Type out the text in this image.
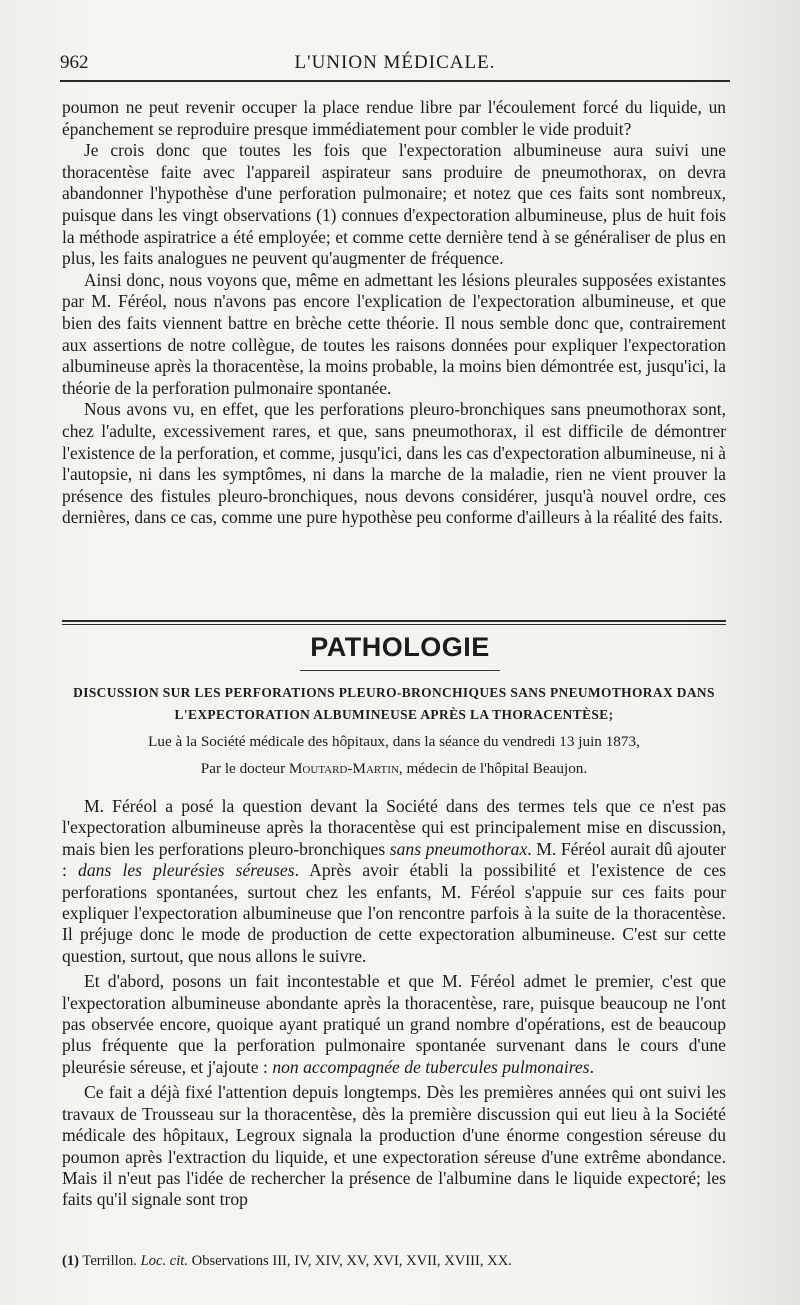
962	L'UNION MÉDICALE.

poumon ne peut revenir occuper la place rendue libre par l'écoulement forcé du liquide, un épanchement se reproduire presque immédiatement pour combler le vide produit?

Je crois donc que toutes les fois que l'expectoration albumineuse aura suivi une thoracentèse faite avec l'appareil aspirateur sans produire de pneumothorax, on devra abandonner l'hypothèse d'une perforation pulmonaire; et notez que ces faits sont nombreux, puisque dans les vingt observations (1) connues d'expectoration albumineuse, plus de huit fois la méthode aspiratrice a été employée; et comme cette dernière tend à se généraliser de plus en plus, les faits analogues ne peuvent qu'augmenter de fréquence.

Ainsi donc, nous voyons que, même en admettant les lésions pleurales supposées existantes par M. Féréol, nous n'avons pas encore l'explication de l'expectoration albumineuse, et que bien des faits viennent battre en brèche cette théorie. Il nous semble donc que, contrairement aux assertions de notre collègue, de toutes les raisons données pour expliquer l'expectoration albumineuse après la thoracentèse, la moins probable, la moins bien démontrée est, jusqu'ici, la théorie de la perforation pulmonaire spontanée.

Nous avons vu, en effet, que les perforations pleuro-bronchiques sans pneumothorax sont, chez l'adulte, excessivement rares, et que, sans pneumothorax, il est difficile de démontrer l'existence de la perforation, et comme, jusqu'ici, dans les cas d'expectoration albumineuse, ni à l'autopsie, ni dans les symptômes, ni dans la marche de la maladie, rien ne vient prouver la présence des fistules pleuro-bronchiques, nous devons considérer, jusqu'à nouvel ordre, ces dernières, dans ce cas, comme une pure hypothèse peu conforme d'ailleurs à la réalité des faits.

PATHOLOGIE
DISCUSSION SUR LES PERFORATIONS PLEURO-BRONCHIQUES SANS PNEUMOTHORAX DANS
L'EXPECTORATION ALBUMINEUSE APRÈS LA THORACENTÈSE;
Lue à la Société médicale des hôpitaux, dans la séance du vendredi 13 juin 1873,
Par le docteur Moutard-Martin, médecin de l'hôpital Beaujon.

M. Féréol a posé la question devant la Société dans des termes tels que ce n'est pas l'expectoration albumineuse après la thoracentèse qui est principalement mise en discussion, mais bien les perforations pleuro-bronchiques sans pneumothorax. M. Féréol aurait dû ajouter : dans les pleurésies séreuses. Après avoir établi la possibilité et l'existence de ces perforations spontanées, surtout chez les enfants, M. Féréol s'appuie sur ces faits pour expliquer l'expectoration albumineuse que l'on rencontre parfois à la suite de la thoracentèse. Il préjuge donc le mode de production de cette expectoration albumineuse. C'est sur cette question, surtout, que nous allons le suivre.

Et d'abord, posons un fait incontestable et que M. Féréol admet le premier, c'est que l'expectoration albumineuse abondante après la thoracentèse, rare, puisque beaucoup ne l'ont pas observée encore, quoique ayant pratiqué un grand nombre d'opérations, est de beaucoup plus fréquente que la perforation pulmonaire spontanée survenant dans le cours d'une pleurésie séreuse, et j'ajoute : non accompagnée de tubercules pulmonaires.

Ce fait a déjà fixé l'attention depuis longtemps. Dès les premières années qui ont suivi les travaux de Trousseau sur la thoracentèse, dès la première discussion qui eut lieu à la Société médicale des hôpitaux, Legroux signala la production d'une énorme congestion séreuse du poumon après l'extraction du liquide, et une expectoration séreuse d'une extrême abondance. Mais il n'eut pas l'idée de rechercher la présence de l'albumine dans le liquide expectoré; les faits qu'il signale sont trop

(1) Terrillon. Loc. cit. Observations III, IV, XIV, XV, XVI, XVII, XVIII, XX.
